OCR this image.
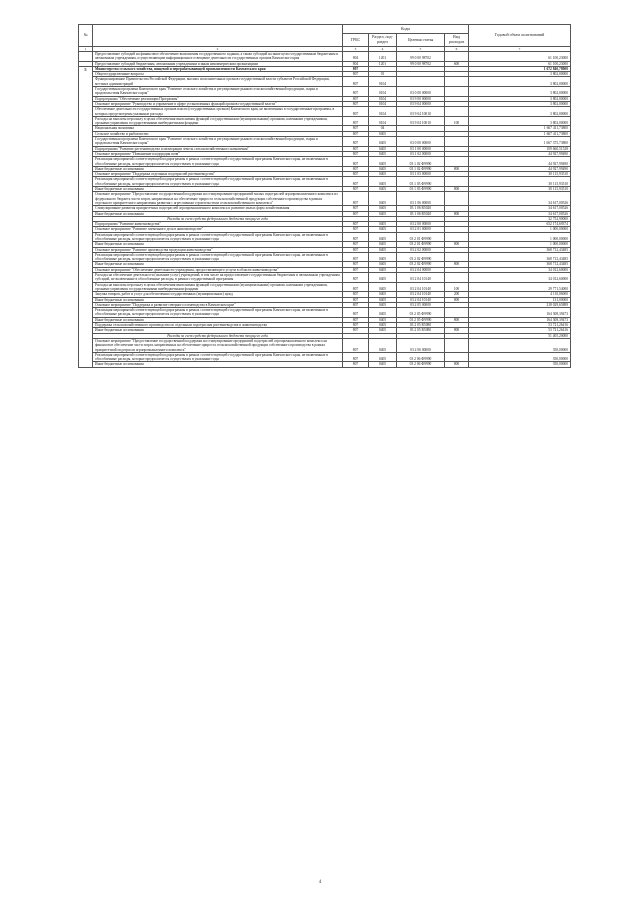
№		Коды				Годовой объем ассигнований
		ГРБС	Раздел, под-раздел	Целевая статья	Вид расходов	
1	2	3	4	5	6	7
	Предоставление субсидий на финансовое обеспечение выполнения государственного задания, а также субсидий на иные цели государственным бюджетным и автономным учреждениям, осуществляющим информационное освещение деятельности государственных органов Камчатского края	804	1201	99 0 00 98702		61 100,23000
	Предоставление субсидий бюджетным, автономным учреждениям и иным некоммерческим организациям	804	1201	99 0 00 98702	600	61 100,23000
5	Министерство сельского хозяйства, пищевой и перерабатывающей промышленности Камчатского края	807				1 672 840,78000
	Общегосударственные вопросы	807	01			3 802,00000
	Функционирование Правительства Российской Федерации, высших исполнительных органов государственной власти субъектов Российской Федерации, местных администраций	807	0104			3 802,00000
	Государственная программа Камчатского края "Развитие сельского хозяйства и регулирование рынков сельскохозяйственной продукции, сырья и продовольствия Камчатского края"	807	0104	03 0 00 00000		3 802,00000
	Подпрограмма "Обеспечение реализации Программы"	807	0104	03 9 00 00000		3 802,00000
	Основное мероприятие "Руководство и управление в сфере установленных функций органов государственной власти"	807	0104	03 9 04 00000		3 802,00000
	Обеспечение деятельности государственных органов власти (государственных органов) Камчатского края, не включенных в государственные программы, в которых предусмотрены указанные расходы	807	0104	03 9 04 10010		3 802,00000
	Расходы на выплаты персоналу в целях обеспечения выполнения функций государственными (муниципальными) органами, казенными учреждениями, органами управления государственными внебюджетными фондами	807	0104	03 9 04 10010	100	3 802,00000
	Национальная экономика	807	04			1 667 411,73800
	Сельское хозяйство и рыболовство	807	0405			1 667 411,73800
	Государственная программа Камчатского края "Развитие сельского хозяйства и регулирование рынков сельскохозяйственной продукции, сырья и продовольствия Камчатского края"	807	0405	03 0 00 00000		1 667 375,73800
	Подпрограмма "Развитие растениеводства и мелиорации земель сельскохозяйственного назначения"	807	0405	03 1 00 00000		109 660,51528
	Основное мероприятие "Повышение плодородия почв"	807	0405	03 1 02 00000		44 927,99490
	Реализация мероприятий соответствующей подпрограммы в рамках соответствующей государственной программы Камчатского края, не включенные в обособленные расходы, которые предполагается осуществлять в указанные годы	807	0405	03 1 02 Ф9990		44 927,99490
	Иные бюджетные ассигнования	807	0405	03 1 02 Ф9990	800	44 927,99490
	Основное мероприятие "Поддержка отдельных подотраслей растениеводства"	807	0405	03 1 03 00000		30 115,93510
	Реализация мероприятий соответствующей подпрограммы в рамках соответствующей государственной программы Камчатского края, не включенные в обособленные расходы, которые предполагается осуществлять в указанные годы	807	0405	03 1 03 Ф9990		30 115,93510
	Иные бюджетные ассигнования	807	0405	03 1 03 Ф9990	800	30 115,93510
	Основное мероприятие "Предоставление государственной поддержки на стимулирование предприятий малых подотраслей агропромышленного комплекса из федерального бюджета части затрат, направленных на обеспечение прироста сельскохозяйственной продукции собственного производства в рамках отдельного приоритетного направления развития с агрессивным строительством сельскохозяйственного комплекса"	807	0405	03 1 06 00000		34 617,00526
	Стимулирование развития приоритетных подотраслей агропромышленного комплекса и развитие малых форм хозяйствования	807	0405	03 1 06 R5020		34 617,00526
	Иные бюджетные ассигнования	807	0405	03 1 06 R5020	800	34 617,00526
	Расходы за счет средств федерального бюджета текущего года					32 752,90000
	Подпрограмма "Развитие животноводства"	807	0405	03 2 00 00000		652 174,69374
	Основное мероприятие "Развитие племенного дела в животноводстве"	807	0405	03 2 01 00000		1 000,00000
	Реализация мероприятий соответствующей подпрограммы в рамках соответствующей государственной программы Камчатского края, не включенные в обособленные расходы, которые предполагается осуществлять в указанные годы	807	0405	03 2 01 Ф9990		1 000,00000
	Иные бюджетные ассигнования	807	0405	03 2 01 Ф9990	800	1 000,00000
	Основное мероприятие "Развитие производства продукции животноводства"	807	0405	03 2 02 00000		368 712,43485
	Реализация мероприятий соответствующей подпрограммы в рамках соответствующей государственной программы Камчатского края, не включенные в обособленные расходы, которые предполагается осуществлять в указанные годы	807	0405	03 2 02 Ф9990		368 712,43485
	Иные бюджетные ассигнования	807	0405	03 2 02 Ф9990	800	368 712,43485
	Основное мероприятие "Обеспечение деятельности учреждения, предоставляющего услуги в области животноводства"	807	0405	03 2 04 00000		34 012,60000
	Расходы на обеспечение деятельности (оказание услуг) учреждений, в том числе на предоставление государственным бюджетным и автономным учреждениям субсидий, не включенные в обособленные расходы, в рамках государственной программы	807	0405	03 2 04 10140		34 012,60000
	Расходы на выплаты персоналу в целях обеспечения выполнения функций государственными (муниципальными) органами, казенными учреждениями, органами управления государственными внебюджетными фондами	807	0405	03 2 04 10140	100	29 771,54000
	Закупка товаров, работ и услуг для обеспечения государственных (муниципальных) нужд	807	0405	03 2 04 10140	200	4 110,06000
	Иные бюджетные ассигнования	807	0405	03 2 04 10140	800	131,00000
	Основное мероприятие "Поддержка и развитие северного оленеводства в Камчатском крае"	807	0405	03 2 05 00000		218 029,65889
	Реализация мероприятий соответствующей подпрограммы в рамках соответствующей государственной программы Камчатского края, не включенные в обособленные расходы, которые предполагается осуществлять в указанные годы	807	0405	03 2 05 Ф9990		164 308,39473
	Иные бюджетные ассигнования	807	0405	03 2 05 Ф9990	800	164 308,39473
	Поддержка сельскохозяйственного производства по отдельным подотраслям растениеводства и животноводства	807	0405	03 2 05 R5080		53 721,26416
	Иные бюджетные ассигнования	807	0405	03 2 05 R5080	800	53 721,26416
	Расходы за счет средств федерального бюджета текущего года					51 405,20000
	Основное мероприятие "Предоставление государственной поддержки на стимулирование предприятий подотраслей агропромышленного комплекса на финансовое обеспечение части затрат, направленных на обеспечение прироста сельскохозяйственной продукции собственного производства в рамках приоритетной подотрасли агропромышленного комплекса"	807	0405	03 2 06 00000		350,00000
	Реализация мероприятий соответствующей подпрограммы в рамках соответствующей государственной программы Камчатского края, не включенные в обособленные расходы, которые предполагается осуществлять в указанные годы	807	0405	03 2 06 Ф9990		350,00000
	Иные бюджетные ассигнования	807	0405	03 2 06 Ф9990	800	350,00000
4
